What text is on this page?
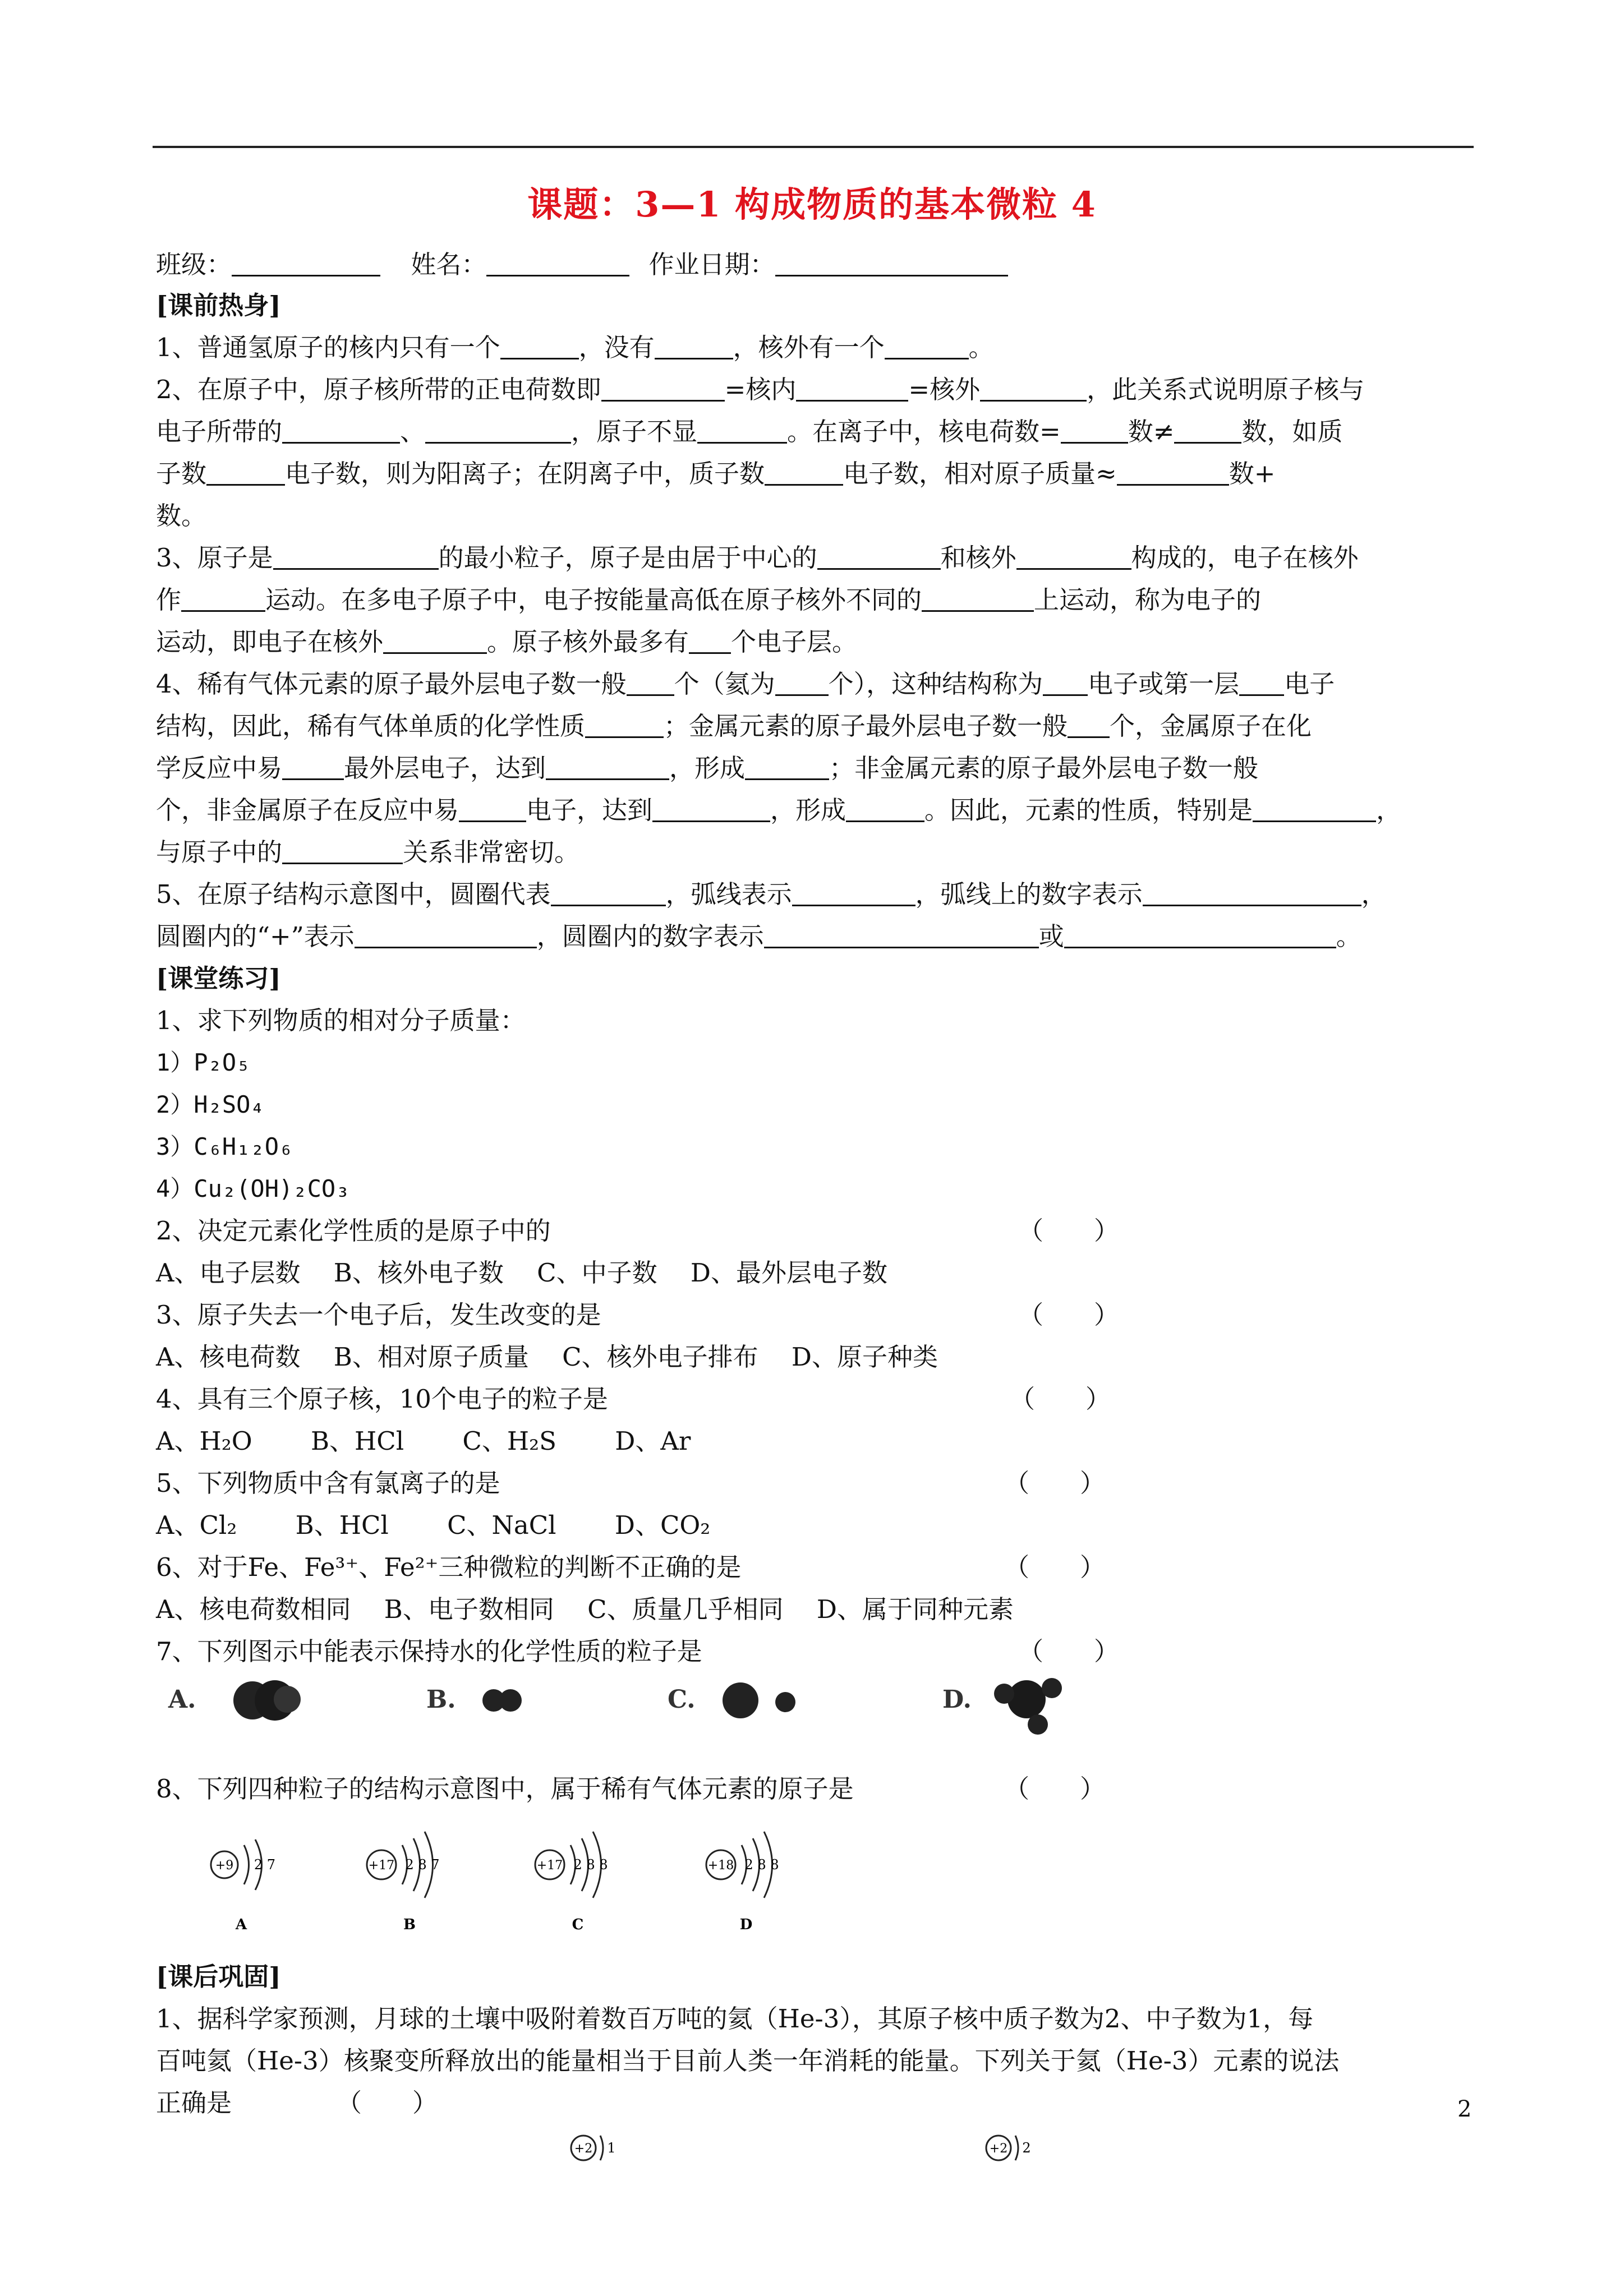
课题：3—1 构成物质的基本微粒 4
班级：	姓名：	作业日期：
[课前热身]
1、普通氢原子的核内只有一个	，没有	，核外有一个	。
2、在原子中，原子核所带的正电荷数即	=核内	=核外	，此关系式说明原子核与
电子所带的	、	，原子不显	。在离子中，核电荷数=	数≠	数，如质
子数	电子数，则为阳离子；在阴离子中，质子数	电子数，相对原子质量≈	数+
数。
3、原子是	的最小粒子，原子是由居于中心的	和核外	构成的，电子在核外
作	运动。在多电子原子中，电子按能量高低在原子核外不同的	上运动，称为电子的
运动，即电子在核外	。原子核外最多有 个电子层。
4、稀有气体元素的原子最外层电子数一般 个（氦为 个），这种结构称为 电子或第一层 电子
结构，因此，稀有气体单质的化学性质	；金属元素的原子最外层电子数一般 个，金属原子在化
学反应中易 最外层电子，达到	，形成	；非金属元素的原子最外层电子数一般
个，非金属原子在反应中易	电子，达到	，形成	。因此，元素的性质，特别是	，
与原子中的	关系非常密切。
5、在原子结构示意图中，圆圈代表	，弧线表示	，弧线上的数字表示	，
圆圈内的“+”表示	，圆圈内的数字表示	或	。
[课堂练习]
1、求下列物质的相对分子质量：
1）P₂O₅
2）H₂SO₄
3）C₆H₁₂O₆
4）Cu₂(OH)₂CO₃
2、决定元素化学性质的是原子中的	（　　）
A、电子层数　 B、核外电子数　 C、中子数　 D、最外层电子数
3、原子失去一个电子后，发生改变的是	（　　）
A、核电荷数　 B、相对原子质量　 C、核外电子排布　 D、原子种类
4、具有三个原子核，10个电子的粒子是	（　　）
A、H₂O　　 B、HCl　　 C、H₂S　　 D、Ar
5、下列物质中含有氯离子的是	（　　）
A、Cl₂　　 B、HCl　　 C、NaCl　　 D、CO₂
6、对于Fe、Fe³⁺、Fe²⁺三种微粒的判断不正确的是	（　　）
A、核电荷数相同　 B、电子数相同　 C、质量几乎相同　 D、属于同种元素
7、下列图示中能表示保持水的化学性质的粒子是	（　　）
A.	B.	C.	D.
8、下列四种粒子的结构示意图中，属于稀有气体元素的原子是	（　　）
+9 2 7
A
+17 2 8 7
B
+17 2 8 8
C
+18 2 8 8
D
[课后巩固]
1、据科学家预测，月球的土壤中吸附着数百万吨的氦（He-3），其原子核中质子数为2、中子数为1，每
百吨氦（He-3）核聚变所释放出的能量相当于目前人类一年消耗的能量。下列关于氦（He-3）元素的说法
正确是	（　　）
+2 1	+2 2
2
